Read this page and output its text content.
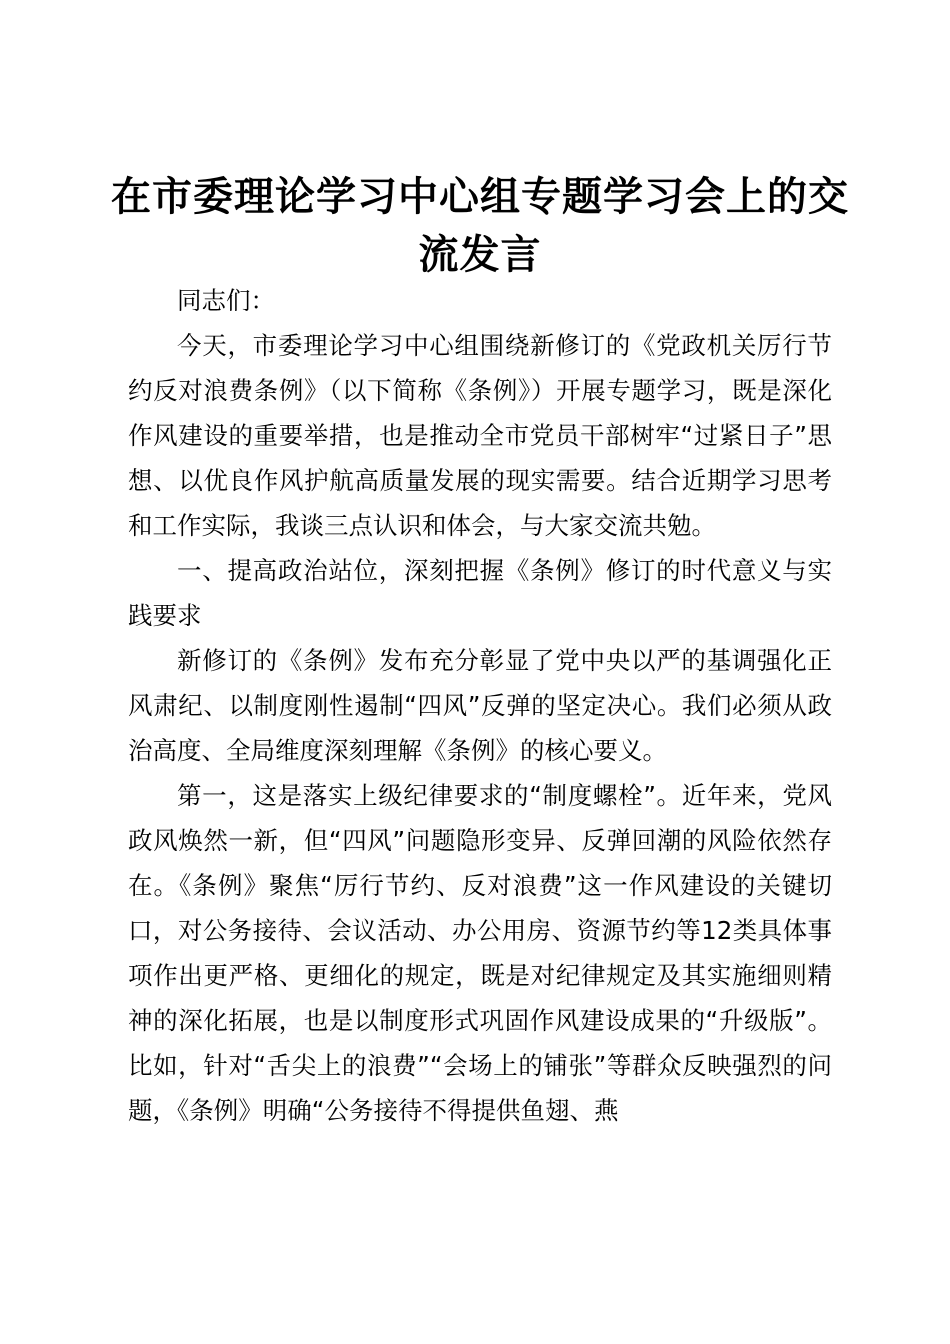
在市委理论学习中心组专题学习会上的交流发言

同志们：

今天，市委理论学习中心组围绕新修订的《党政机关厉行节约反对浪费条例》（以下简称《条例》）开展专题学习，既是深化作风建设的重要举措，也是推动全市党员干部树牢“过紧日子”思想、以优良作风护航高质量发展的现实需要。结合近期学习思考和工作实际，我谈三点认识和体会，与大家交流共勉。

一、提高政治站位，深刻把握《条例》修订的时代意义与实践要求

新修订的《条例》发布充分彰显了党中央以严的基调强化正风肃纪、以制度刚性遏制“四风”反弹的坚定决心。我们必须从政治高度、全局维度深刻理解《条例》的核心要义。

第一，这是落实上级纪律要求的“制度螺栓”。近年来，党风政风焕然一新，但“四风”问题隐形变异、反弹回潮的风险依然存在。《条例》聚焦“厉行节约、反对浪费”这一作风建设的关键切口，对公务接待、会议活动、办公用房、资源节约等12类具体事项作出更严格、更细化的规定，既是对纪律规定及其实施细则精神的深化拓展，也是以制度形式巩固作风建设成果的“升级版”。比如，针对“舌尖上的浪费”“会场上的铺张”等群众反映强烈的问题，《条例》明确“公务接待不得提供鱼翅、燕
